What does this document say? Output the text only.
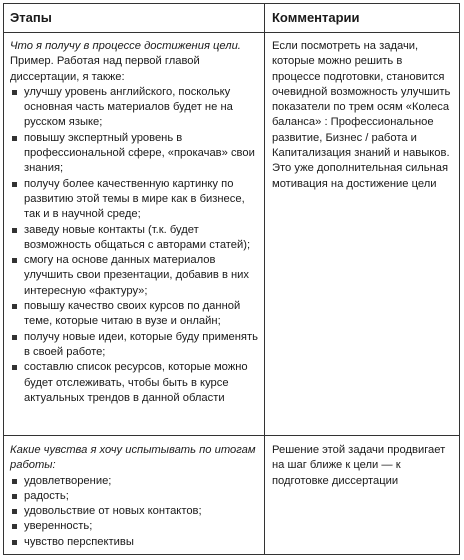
Этапы	Комментарии

Что я получу в процессе достижения цели.

Пример. Работая над первой главой диссертации, я также:

улучшу уровень английского, поскольку основная часть материалов будет не на русском языке;
повышу экспертный уровень в профессиональной сфере, «прокачав» свои знания;
получу более качественную картинку по развитию этой темы в мире как в бизнесе, так и в научной среде;
заведу новые контакты (т.к. будет возможность общаться с авторами статей);
смогу на основе данных материалов улучшить свои презентации, добавив в них интересную «фактуру»;
повышу качество своих курсов по данной теме, которые читаю в вузе и онлайн;
получу новые идеи, которые буду применять в своей работе;
составлю список ресурсов, которые можно будет отслеживать, чтобы быть в курсе актуальных трендов в данной области

Если посмотреть на задачи, которые можно решить в процессе подготовки, становится очевидной возможность улучшить показатели по трем осям «Колеса баланса» : Профессиональное развитие, Бизнес / работа и Капитализация знаний и навыков.

Это уже дополнительная сильная мотивация на достижение цели

Какие чувства я хочу испытывать по итогам работы:

удовлетворение;
радость;
удовольствие от новых контактов;
уверенность;
чувство перспективы

Решение этой задачи продвигает на шаг ближе к цели — к подготовке диссертации
